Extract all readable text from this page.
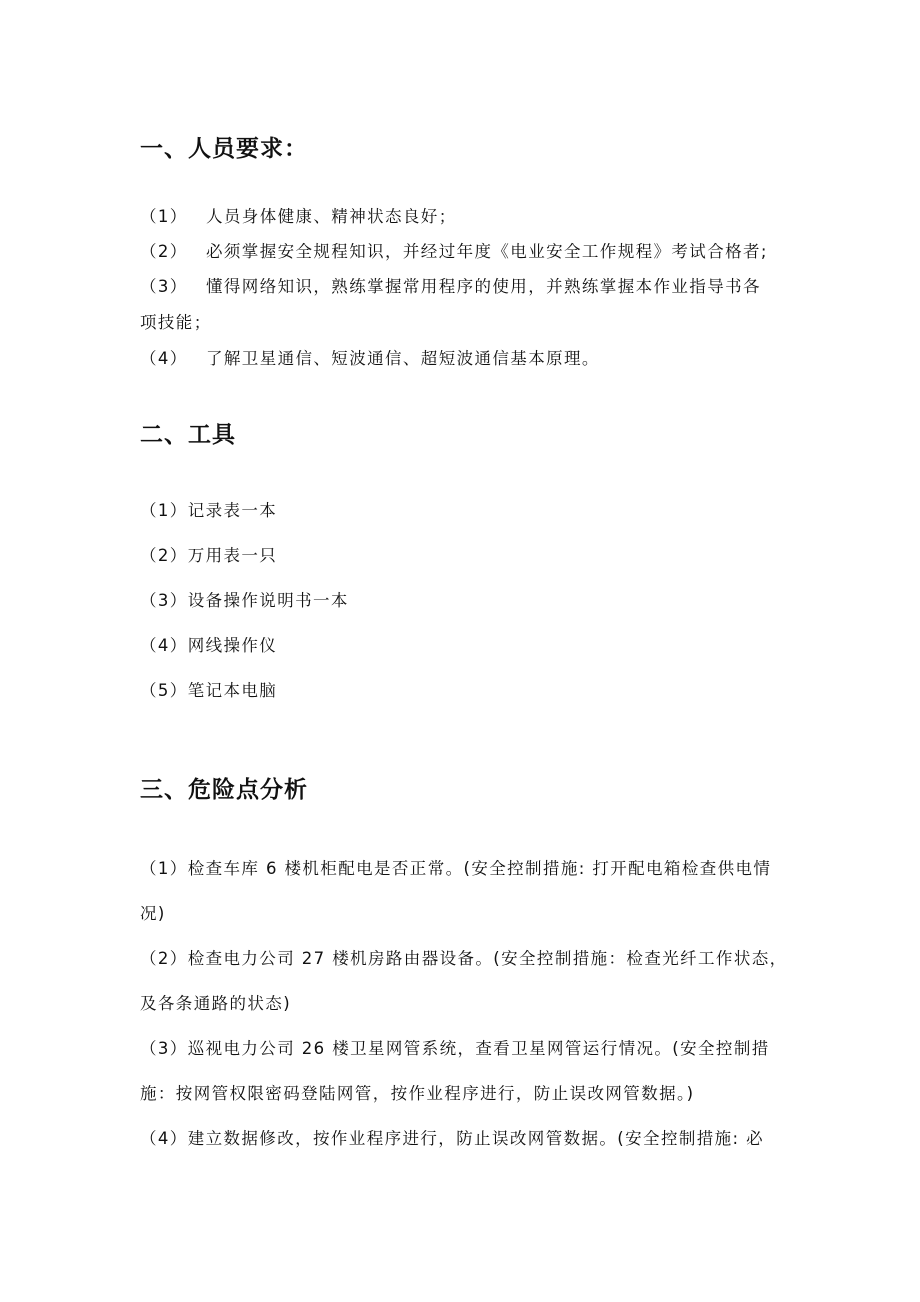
一、人员要求：
（1） 人员身体健康、精神状态良好；
（2） 必须掌握安全规程知识，并经过年度《电业安全工作规程》考试合格者;
（3） 懂得网络知识，熟练掌握常用程序的使用，并熟练掌握本作业指导书各
项技能；
（4） 了解卫星通信、短波通信、超短波通信基本原理。
二、工具
（1）记录表一本
（2）万用表一只
（3）设备操作说明书一本
（4）网线操作仪
（5）笔记本电脑
三、危险点分析
（1）检查车库 6 楼机柜配电是否正常。(安全控制措施: 打开配电箱检查供电情
况)
（2）检查电力公司 27 楼机房路由器设备。(安全控制措施：检查光纤工作状态，
及各条通路的状态)
（3）巡视电力公司 26 楼卫星网管系统，查看卫星网管运行情况。(安全控制措
施：按网管权限密码登陆网管，按作业程序进行，防止误改网管数据。)
（4）建立数据修改，按作业程序进行，防止误改网管数据。(安全控制措施: 必
